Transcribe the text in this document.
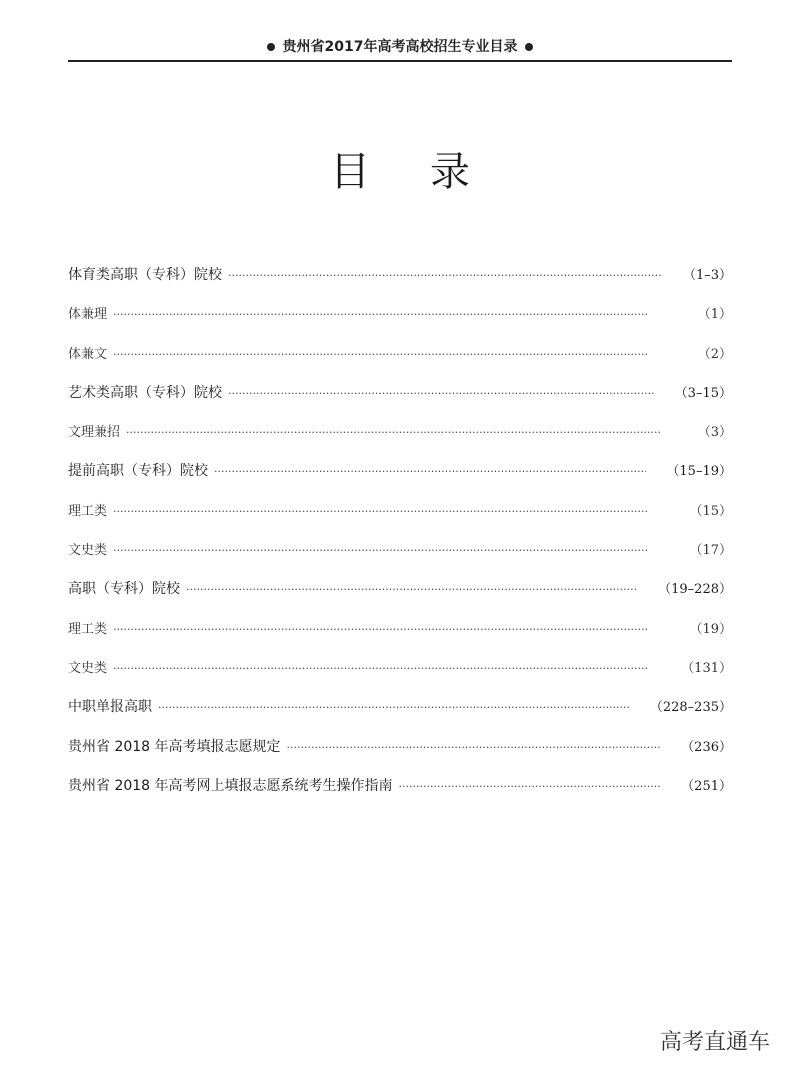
贵州省2017年高考高校招生专业目录
目录
体育类高职（专科）院校 ·····	（1–3）
体兼理 ·····	（1）
体兼文 ·····	（2）
艺术类高职（专科）院校 ·····	（3–15）
文理兼招 ·····	（3）
提前高职（专科）院校 ·····	（15–19）
理工类 ·····	（15）
文史类 ·····	（17）
高职（专科）院校 ·····	（19–228）
理工类 ·····	（19）
文史类 ·····	（131）
中职单报高职 ·····	（228–235）
贵州省 2018 年高考填报志愿规定 ·····	（236）
贵州省 2018 年高考网上填报志愿系统考生操作指南 ·····	（251）
高考直通车
